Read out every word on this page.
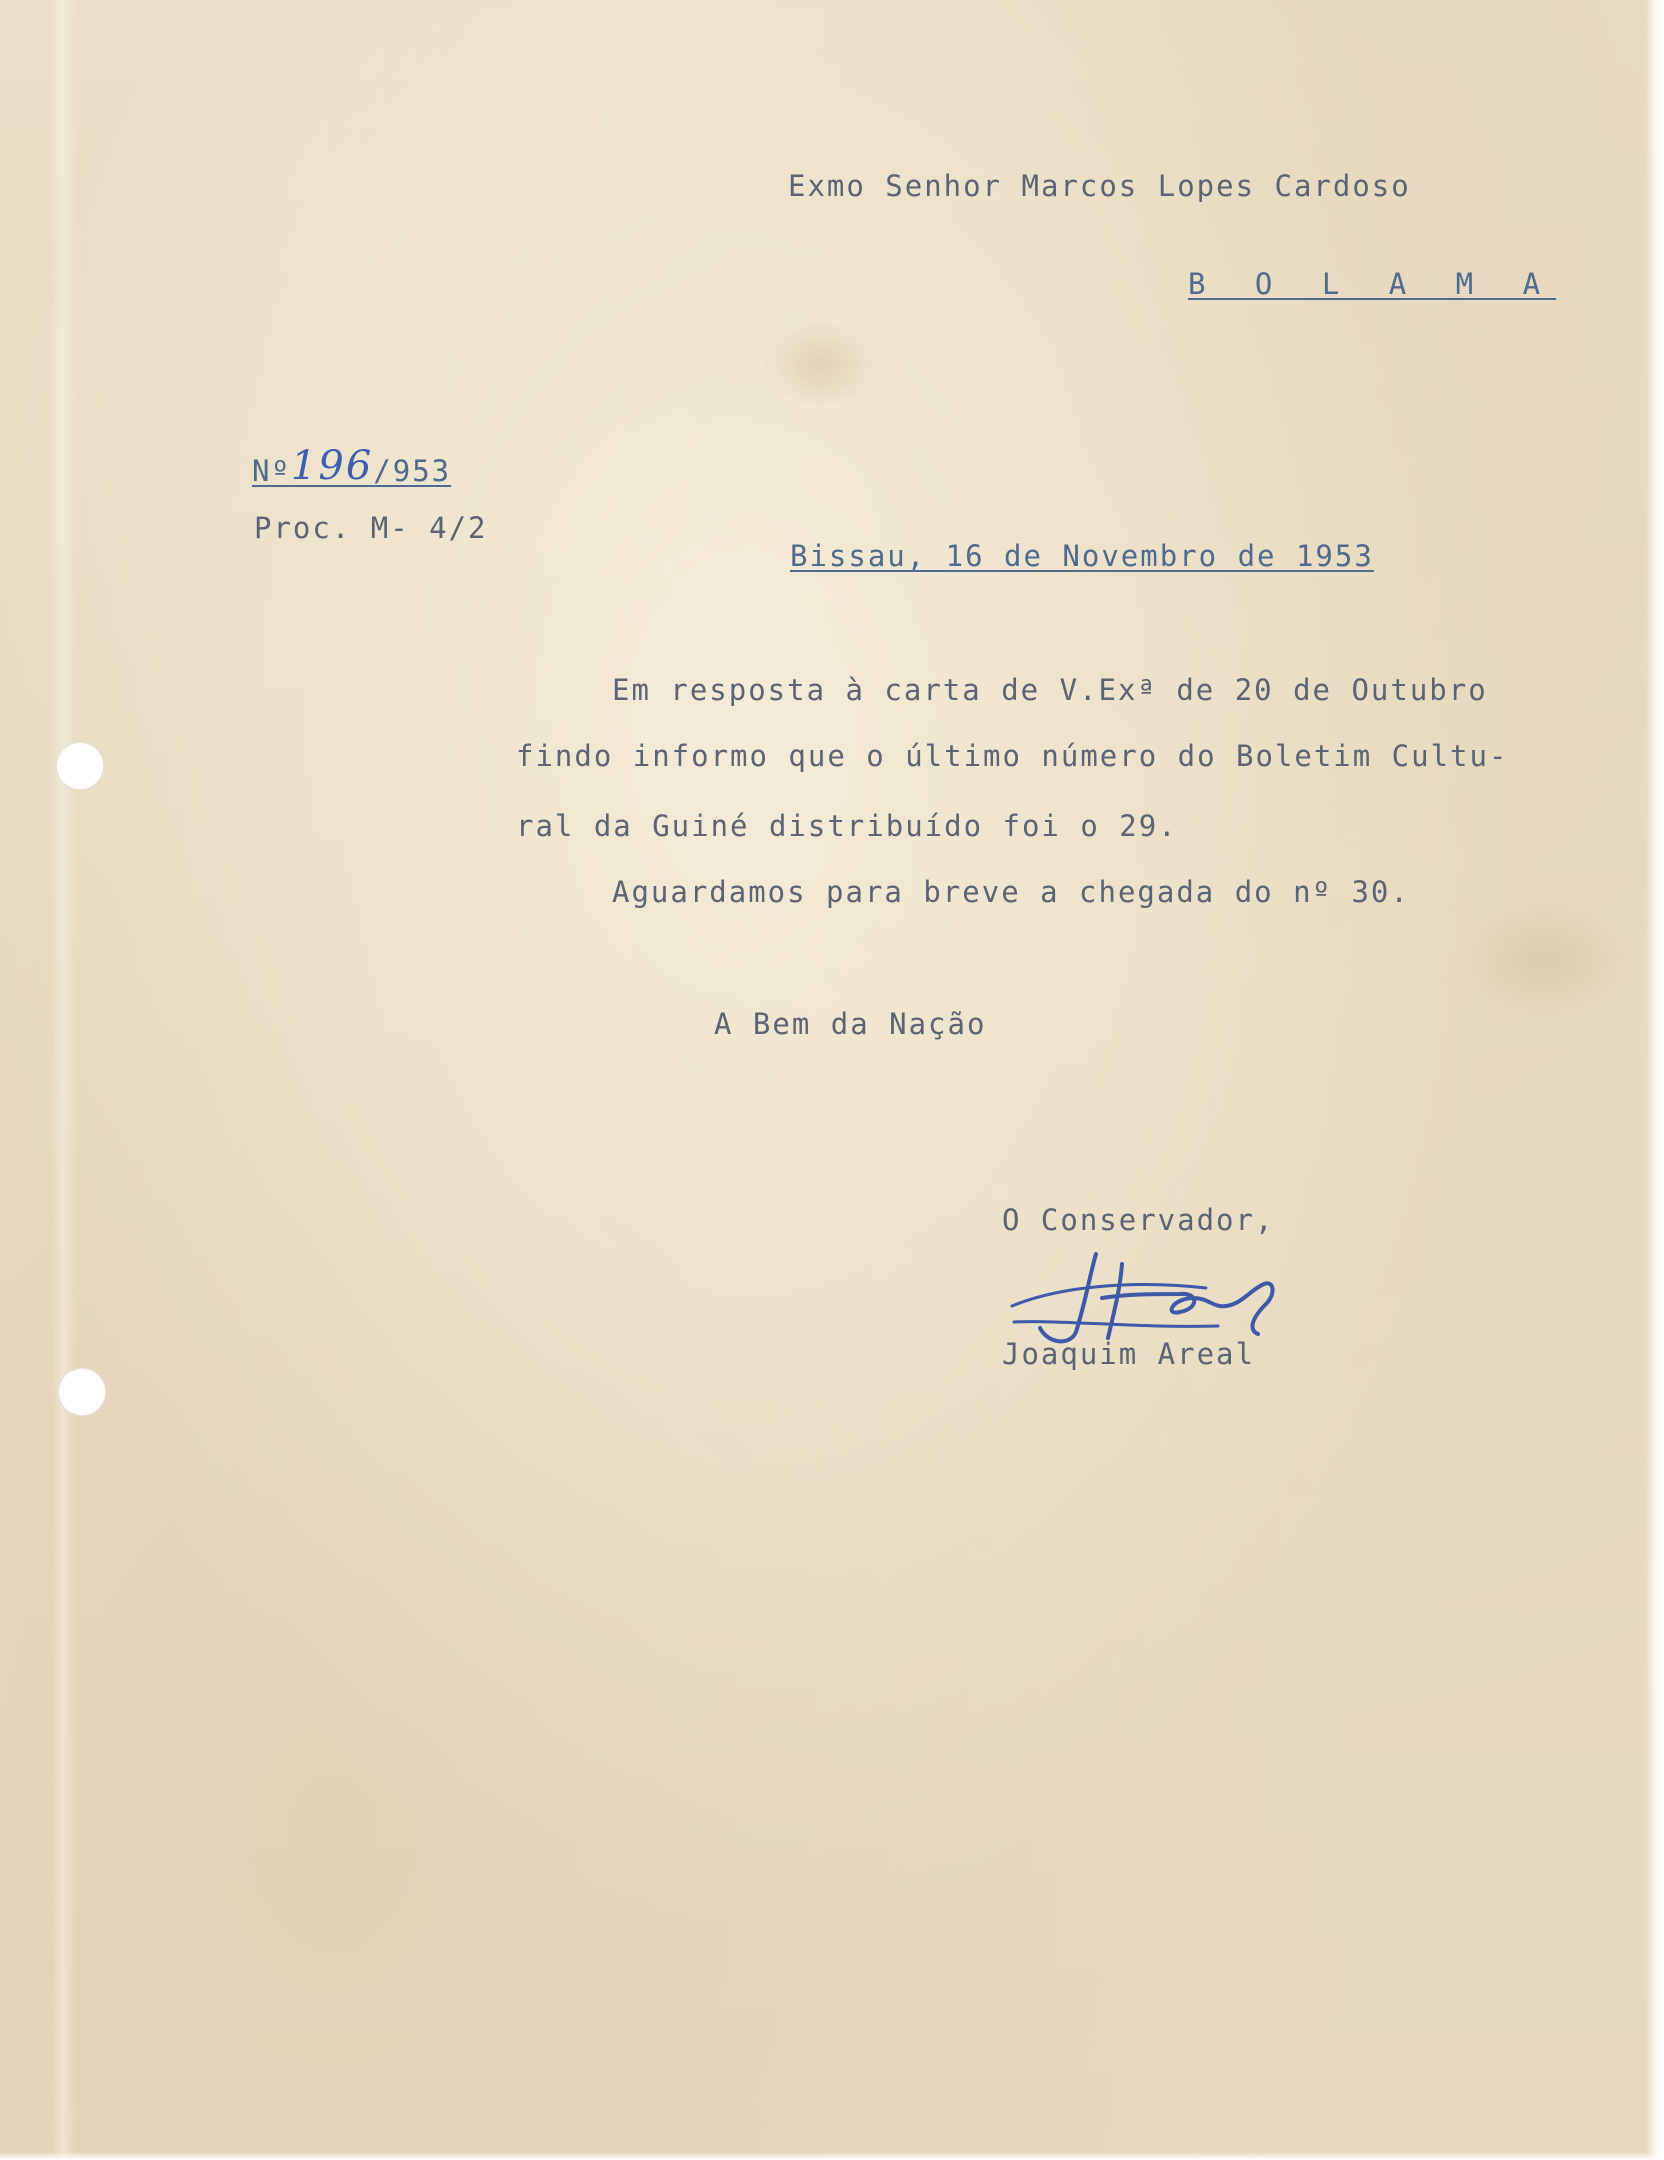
Exmo Senhor Marcos Lopes Cardoso
B O L A M A
Nº196/953
Proc. M- 4/2
Bissau, 16 de Novembro de 1953
Em resposta à carta de V.Exª de 20 de Outubro
findo informo que o último número do Boletim Cultu-
ral da Guiné distribuído foi o 29.
Aguardamos para breve a chegada do nº 30.
A Bem da Nação
O Conservador,
Joaquim Areal
